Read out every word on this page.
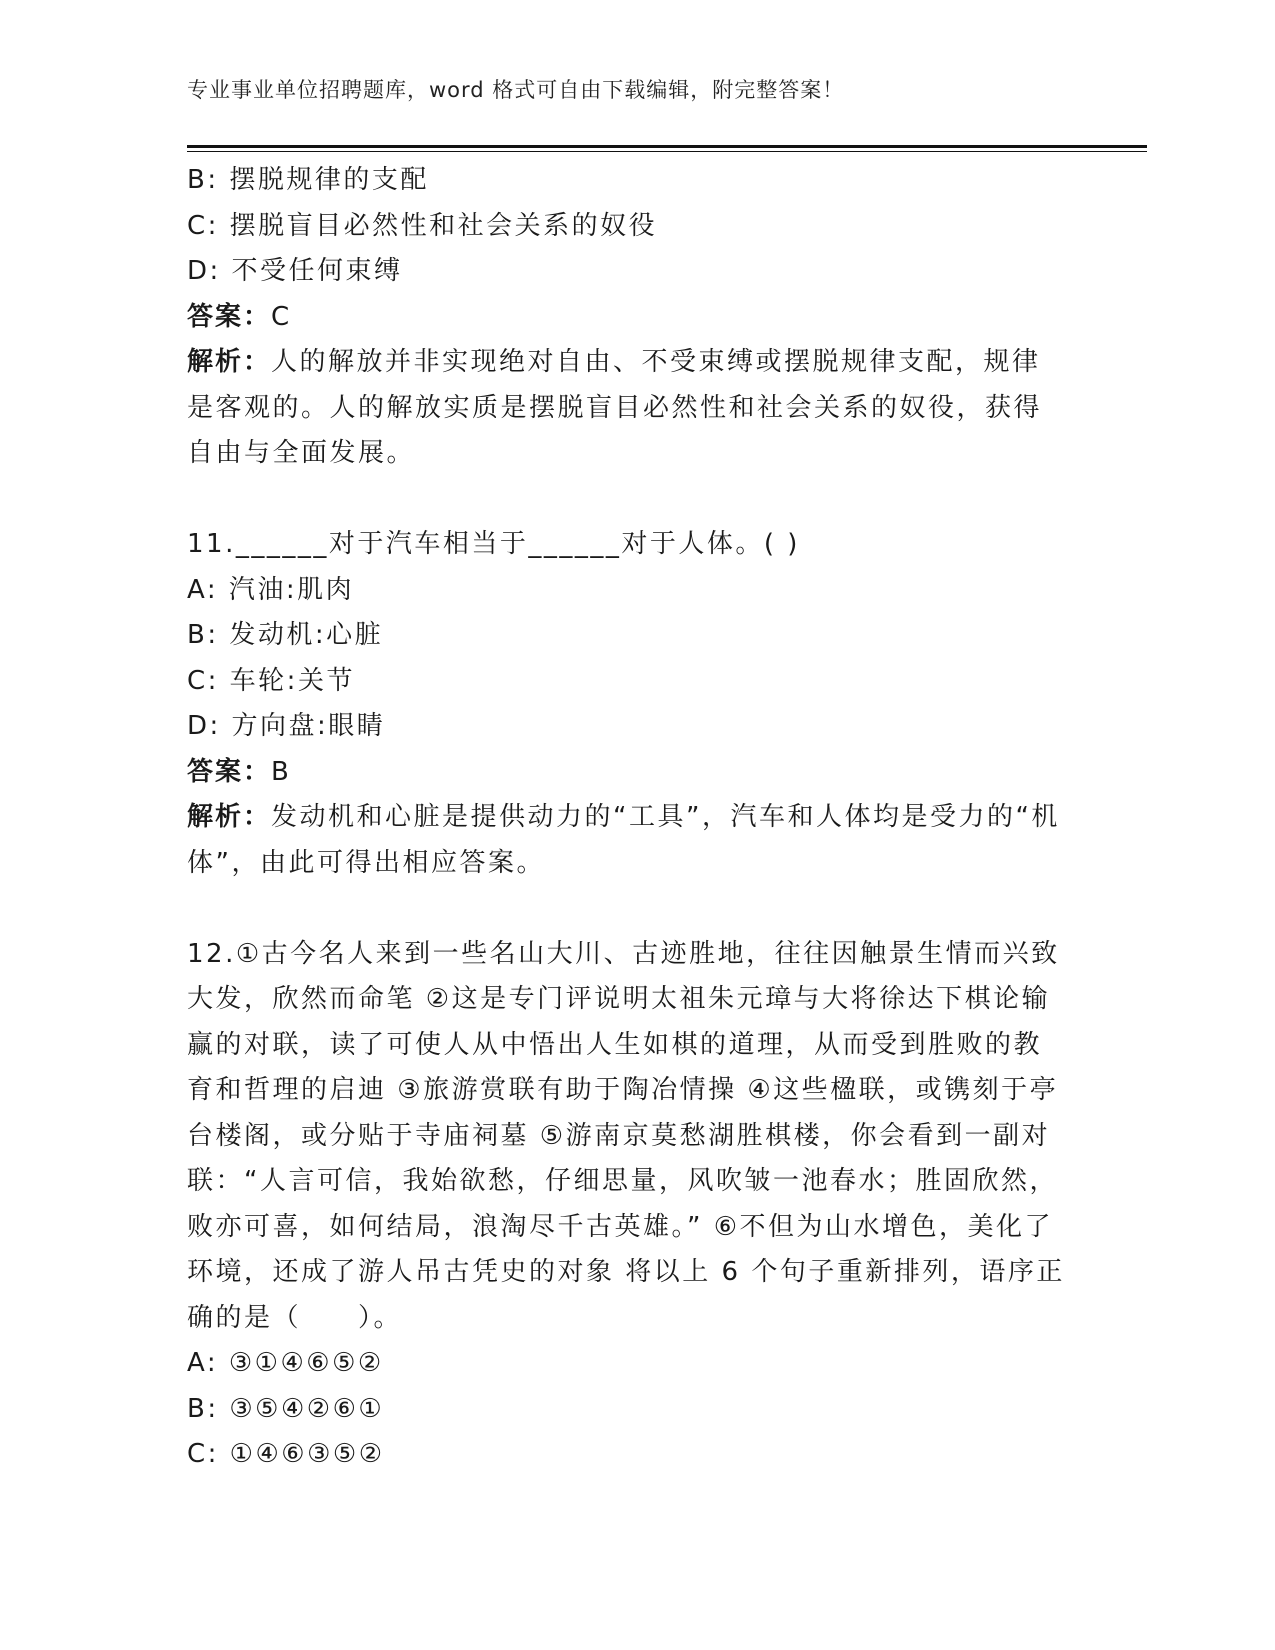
专业事业单位招聘题库，word 格式可自由下载编辑，附完整答案！
B: 摆脱规律的支配
C: 摆脱盲目必然性和社会关系的奴役
D: 不受任何束缚
答案：C
解析：人的解放并非实现绝对自由、不受束缚或摆脱规律支配，规律是客观的。人的解放实质是摆脱盲目必然性和社会关系的奴役，获得自由与全面发展。
11.______对于汽车相当于______对于人体。( )
A: 汽油:肌肉
B: 发动机:心脏
C: 车轮:关节
D: 方向盘:眼睛
答案：B
解析：发动机和心脏是提供动力的“工具”，汽车和人体均是受力的“机体”，由此可得出相应答案。
12.①古今名人来到一些名山大川、古迹胜地，往往因触景生情而兴致大发，欣然而命笔 ②这是专门评说明太祖朱元璋与大将徐达下棋论输赢的对联，读了可使人从中悟出人生如棋的道理，从而受到胜败的教育和哲理的启迪 ③旅游赏联有助于陶冶情操 ④这些楹联，或镌刻于亭台楼阁，或分贴于寺庙祠墓 ⑤游南京莫愁湖胜棋楼，你会看到一副对联：“人言可信，我始欲愁，仔细思量，风吹皱一池春水；胜固欣然，败亦可喜，如何结局，浪淘尽千古英雄。” ⑥不但为山水增色，美化了环境，还成了游人吊古凭史的对象 将以上 6 个句子重新排列，语序正确的是（　　）。
A: ③①④⑥⑤②
B: ③⑤④②⑥①
C: ①④⑥③⑤②
